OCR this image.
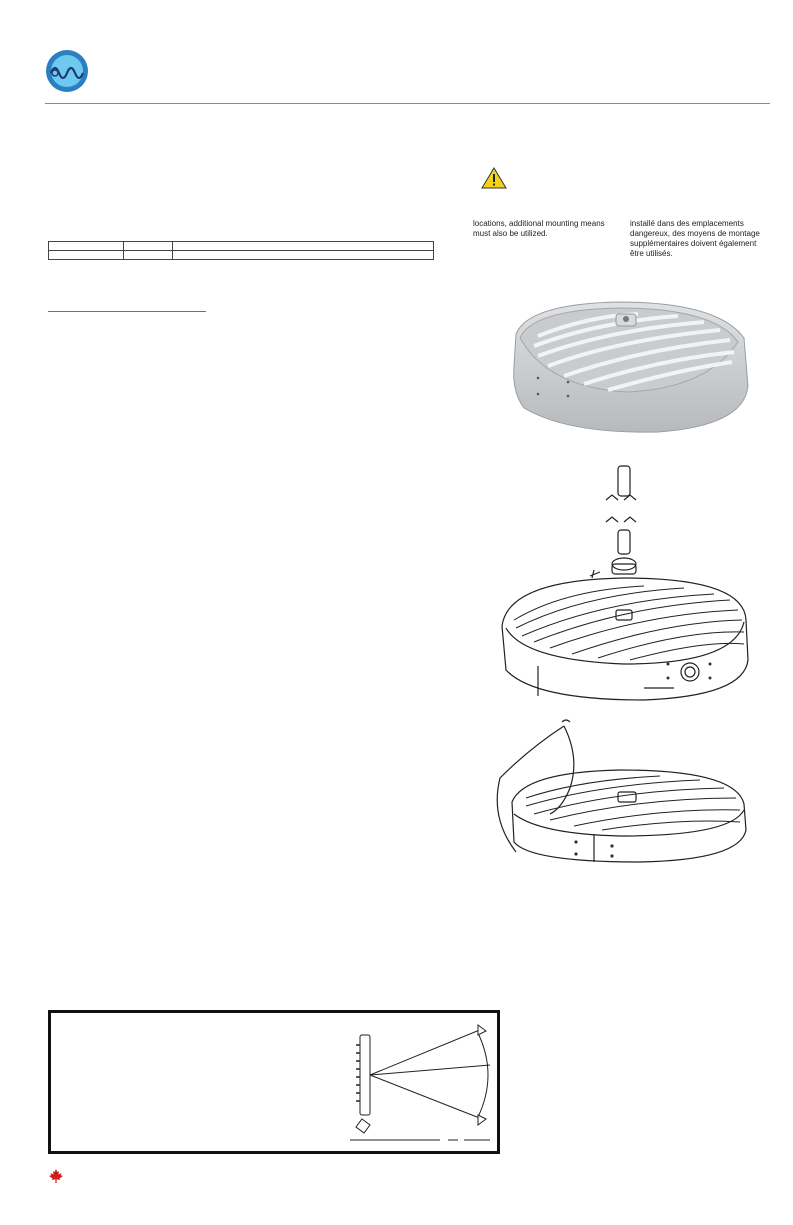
locations, additional mounting means must also be utilized.
installé dans des emplacements dangereux, des moyens de montage supplémentaires doivent également être utilisés.
